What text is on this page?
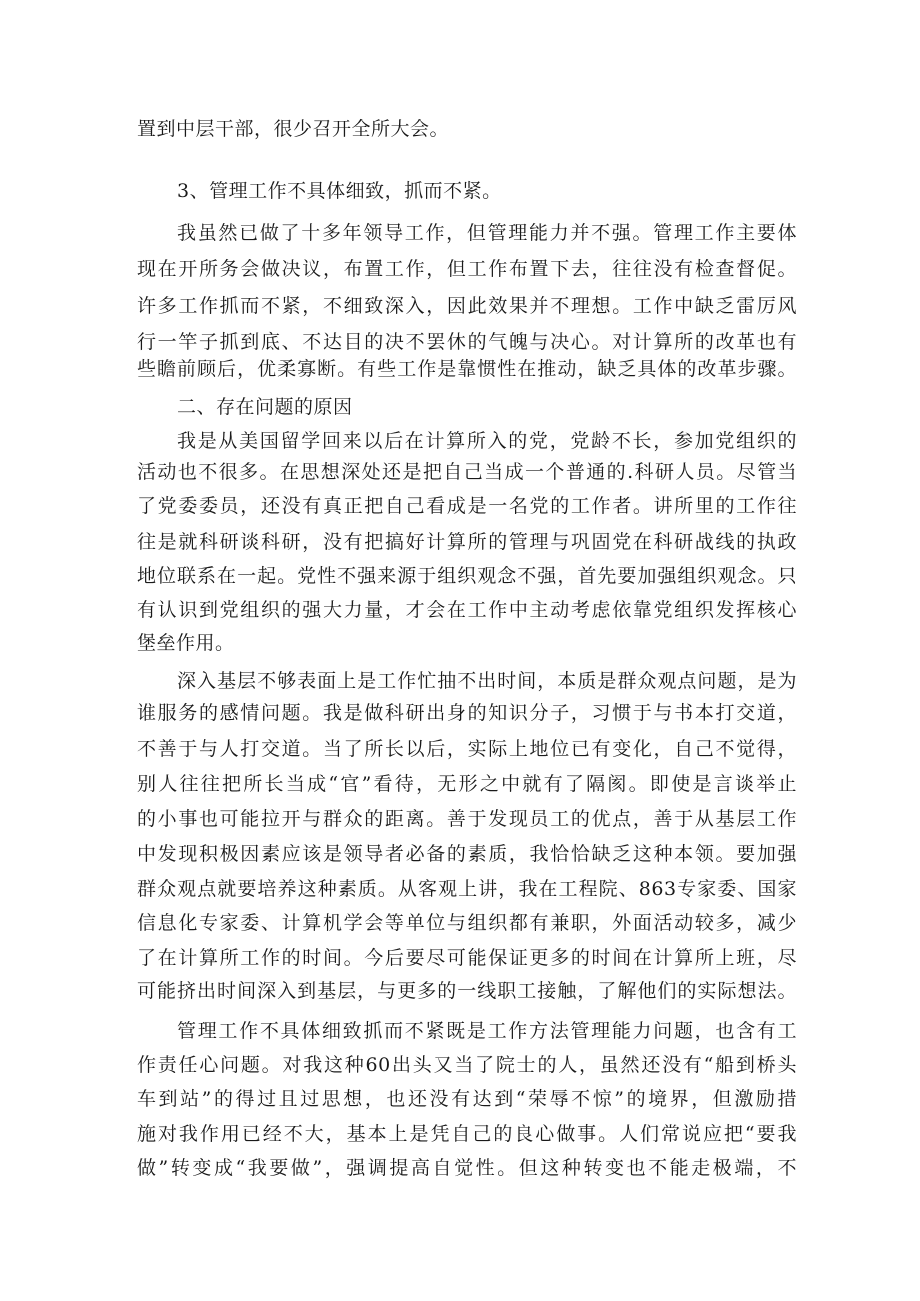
置到中层干部，很少召开全所大会。
3、管理工作不具体细致，抓而不紧。
我虽然已做了十多年领导工作，但管理能力并不强。管理工作主要体
现在开所务会做决议，布置工作，但工作布置下去，往往没有检查督促。
许多工作抓而不紧，不细致深入，因此效果并不理想。工作中缺乏雷厉风
行一竿子抓到底、不达目的决不罢休的气魄与决心。对计算所的改革也有
些瞻前顾后，优柔寡断。有些工作是靠惯性在推动，缺乏具体的改革步骤。
二、存在问题的原因
我是从美国留学回来以后在计算所入的党，党龄不长，参加党组织的
活动也不很多。在思想深处还是把自己当成一个普通的.科研人员。尽管当
了党委委员，还没有真正把自己看成是一名党的工作者。讲所里的工作往
往是就科研谈科研，没有把搞好计算所的管理与巩固党在科研战线的执政
地位联系在一起。党性不强来源于组织观念不强，首先要加强组织观念。只
有认识到党组织的强大力量，才会在工作中主动考虑依靠党组织发挥核心
堡垒作用。
深入基层不够表面上是工作忙抽不出时间，本质是群众观点问题，是为
谁服务的感情问题。我是做科研出身的知识分子，习惯于与书本打交道，
不善于与人打交道。当了所长以后，实际上地位已有变化，自己不觉得，
别人往往把所长当成“官”看待，无形之中就有了隔阂。即使是言谈举止
的小事也可能拉开与群众的距离。善于发现员工的优点，善于从基层工作
中发现积极因素应该是领导者必备的素质，我恰恰缺乏这种本领。要加强
群众观点就要培养这种素质。从客观上讲，我在工程院、863专家委、国家
信息化专家委、计算机学会等单位与组织都有兼职，外面活动较多，减少
了在计算所工作的时间。今后要尽可能保证更多的时间在计算所上班，尽
可能挤出时间深入到基层，与更多的一线职工接触，了解他们的实际想法。
管理工作不具体细致抓而不紧既是工作方法管理能力问题，也含有工
作责任心问题。对我这种60出头又当了院士的人，虽然还没有“船到桥头
车到站”的得过且过思想，也还没有达到“荣辱不惊”的境界，但激励措
施对我作用已经不大，基本上是凭自己的良心做事。人们常说应把“要我
做”转变成“我要做”，强调提高自觉性。但这种转变也不能走极端，不
